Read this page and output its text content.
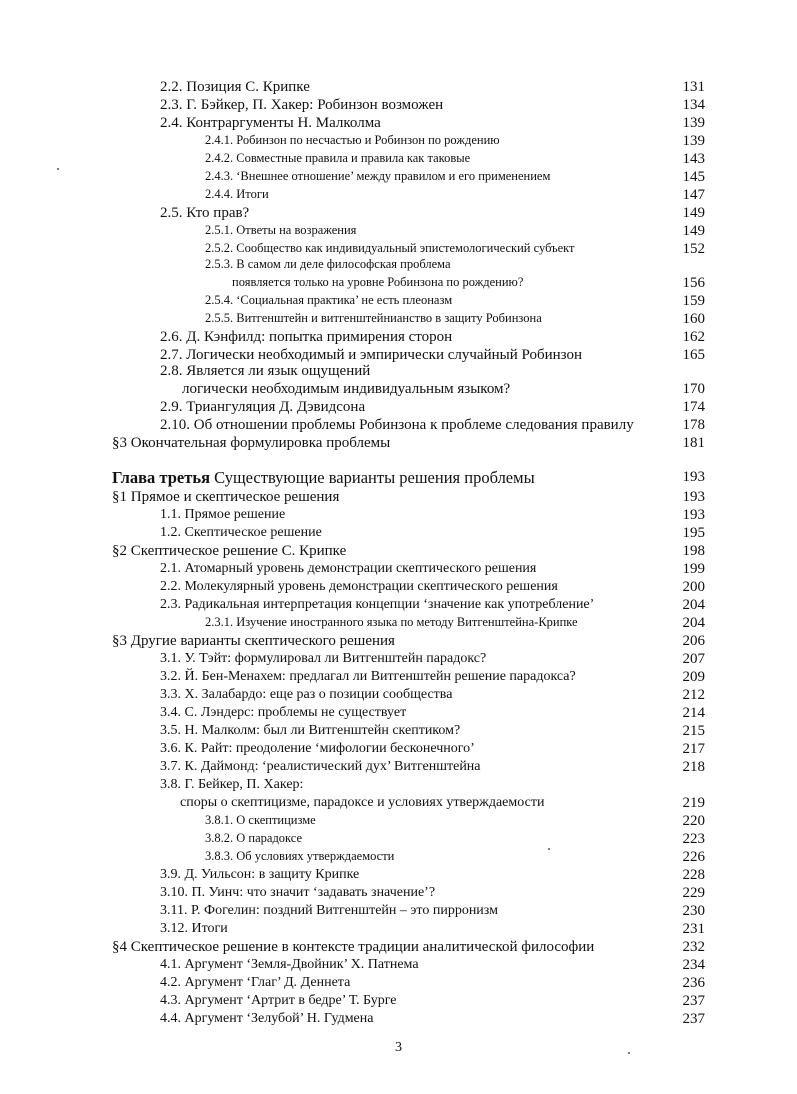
2.2. Позиция С. Крипке	131
2.3. Г. Бэйкер, П. Хакер: Робинзон возможен	134
2.4. Контраргументы Н. Малколма	139
2.4.1. Робинзон по несчастью и Робинзон по рождению	139
2.4.2. Совместные правила и правила как таковые	143
2.4.3. ‘Внешнее отношение’ между правилом и его применением	145
2.4.4. Итоги	147
2.5. Кто прав?	149
2.5.1. Ответы на возражения	149
2.5.2. Сообщество как индивидуальный эпистемологический субъект	152
2.5.3. В самом ли деле философская проблема
появляется только на уровне Робинзона по рождению?	156
2.5.4. ‘Социальная практика’ не есть плеоназм	159
2.5.5. Витгенштейн и витгенштейнианство в защиту Робинзона	160
2.6. Д. Кэнфилд: попытка примирения сторон	162
2.7. Логически необходимый и эмпирически случайный Робинзон	165
2.8. Является ли язык ощущений
логически необходимым индивидуальным языком?	170
2.9. Триангуляция Д. Дэвидсона	174
2.10. Об отношении проблемы Робинзона к проблеме следования правилу	178
§3 Окончательная формулировка проблемы	181
Глава третья Существующие варианты решения проблемы	193
§1 Прямое и скептическое решения	193
1.1. Прямое решение	193
1.2. Скептическое решение	195
§2 Скептическое решение С. Крипке	198
2.1. Атомарный уровень демонстрации скептического решения	199
2.2. Молекулярный уровень демонстрации скептического решения	200
2.3. Радикальная интерпретация концепции ‘значение как употребление’	204
2.3.1. Изучение иностранного языка по методу Витгенштейна-Крипке	204
§3 Другие варианты скептического решения	206
3.1. У. Тэйт: формулировал ли Витгенштейн парадокс?	207
3.2. Й. Бен-Менахем: предлагал ли Витгенштейн решение парадокса?	209
3.3. Х. Залабардо: еще раз о позиции сообщества	212
3.4. С. Лэндерс: проблемы не существует	214
3.5. Н. Малколм: был ли Витгенштейн скептиком?	215
3.6. К. Райт: преодоление ‘мифологии бесконечного’	217
3.7. К. Даймонд: ‘реалистический дух’ Витгенштейна	218
3.8. Г. Бейкер, П. Хакер:
споры о скептицизме, парадоксе и условиях утверждаемости	219
3.8.1. О скептицизме	220
3.8.2. О парадоксе	223
3.8.3. Об условиях утверждаемости	226
3.9. Д. Уильсон: в защиту Крипке	228
3.10. П. Уинч: что значит ‘задавать значение’?	229
3.11. Р. Фогелин: поздний Витгенштейн – это пирронизм	230
3.12. Итоги	231
§4 Скептическое решение в контексте традиции аналитической философии	232
4.1. Аргумент ‘Земля-Двойник’ Х. Патнема	234
4.2. Аргумент ‘Глаг’ Д. Деннета	236
4.3. Аргумент ‘Артрит в бедре’ Т. Бурге	237
4.4. Аргумент ‘Зелубой’ Н. Гудмена	237
3
